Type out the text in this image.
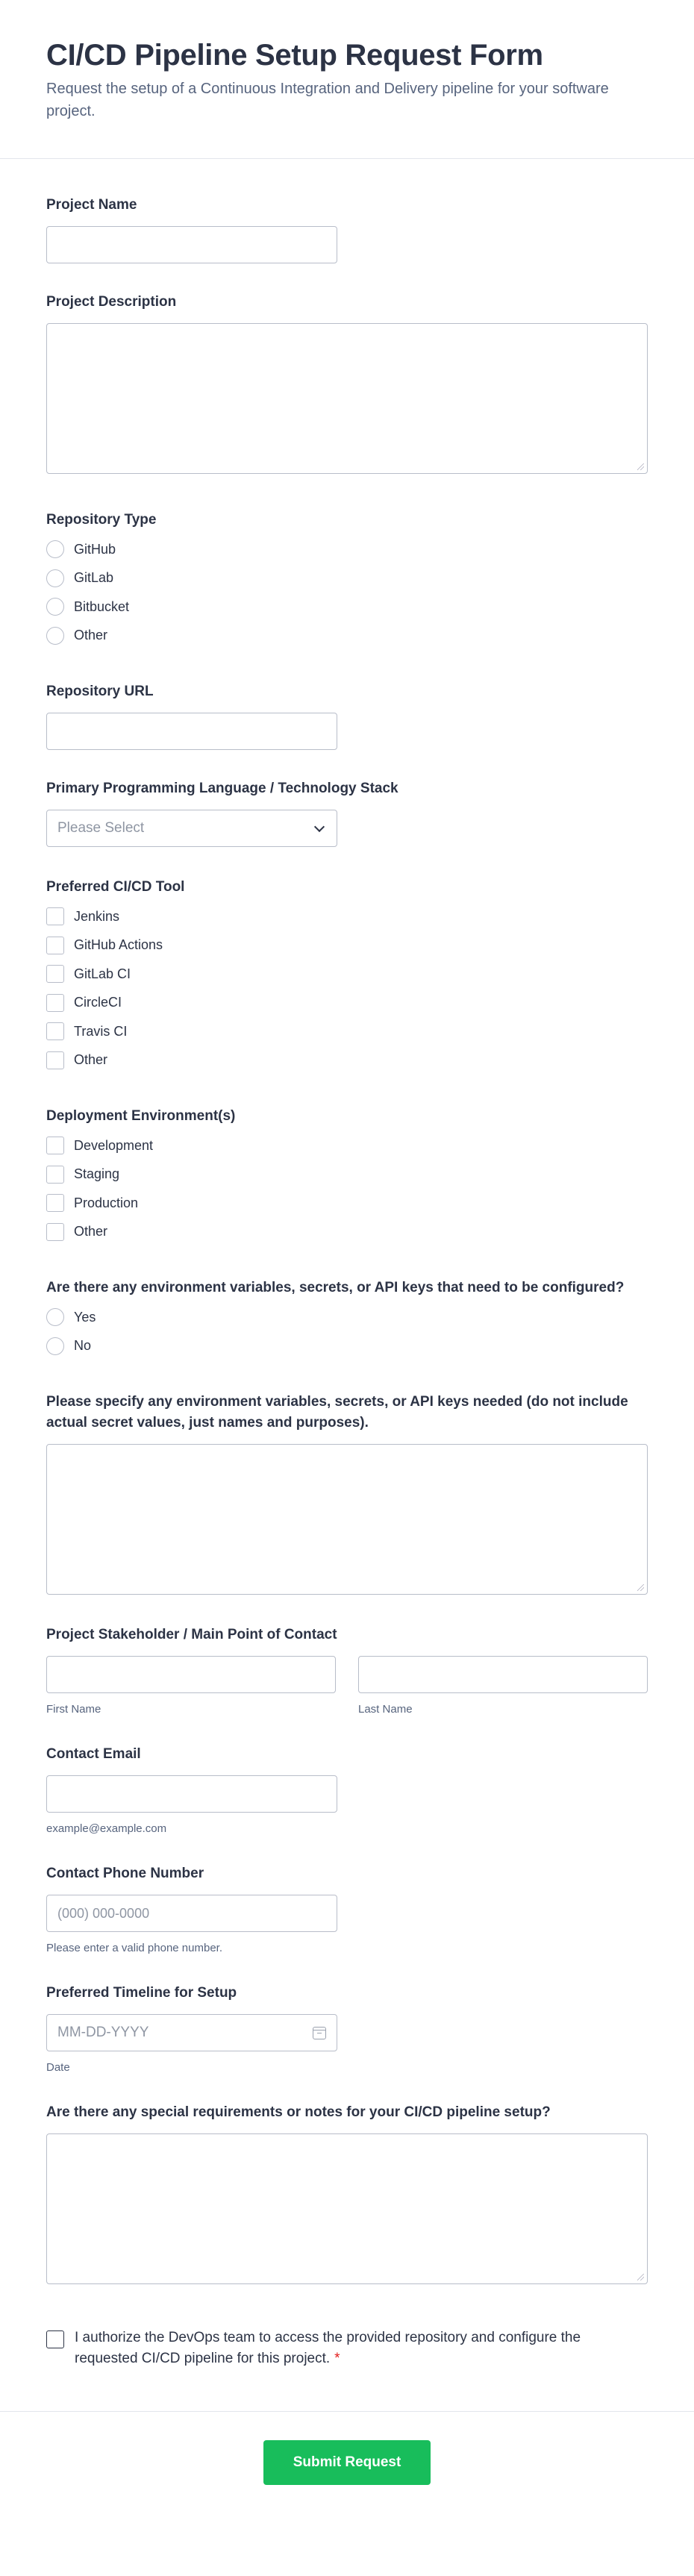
CI/CD Pipeline Setup Request Form

Request the setup of a Continuous Integration and Delivery pipeline for your software project.

Project Name
Project Description
Repository Type
GitHub
GitLab
Bitbucket
Other
Repository URL
Primary Programming Language / Technology Stack
Please Select
Preferred CI/CD Tool
Jenkins
GitHub Actions
GitLab CI
CircleCI
Travis CI
Other
Deployment Environment(s)
Development
Staging
Production
Other
Are there any environment variables, secrets, or API keys that need to be configured?
Yes
No
Please specify any environment variables, secrets, or API keys needed (do not include actual secret values, just names and purposes).
Project Stakeholder / Main Point of Contact
First Name	Last Name
Contact Email
example@example.com
Contact Phone Number
(000) 000-0000
Please enter a valid phone number.
Preferred Timeline for Setup
MM-DD-YYYY
Date
Are there any special requirements or notes for your CI/CD pipeline setup?
I authorize the DevOps team to access the provided repository and configure the requested CI/CD pipeline for this project. *
Submit Request
